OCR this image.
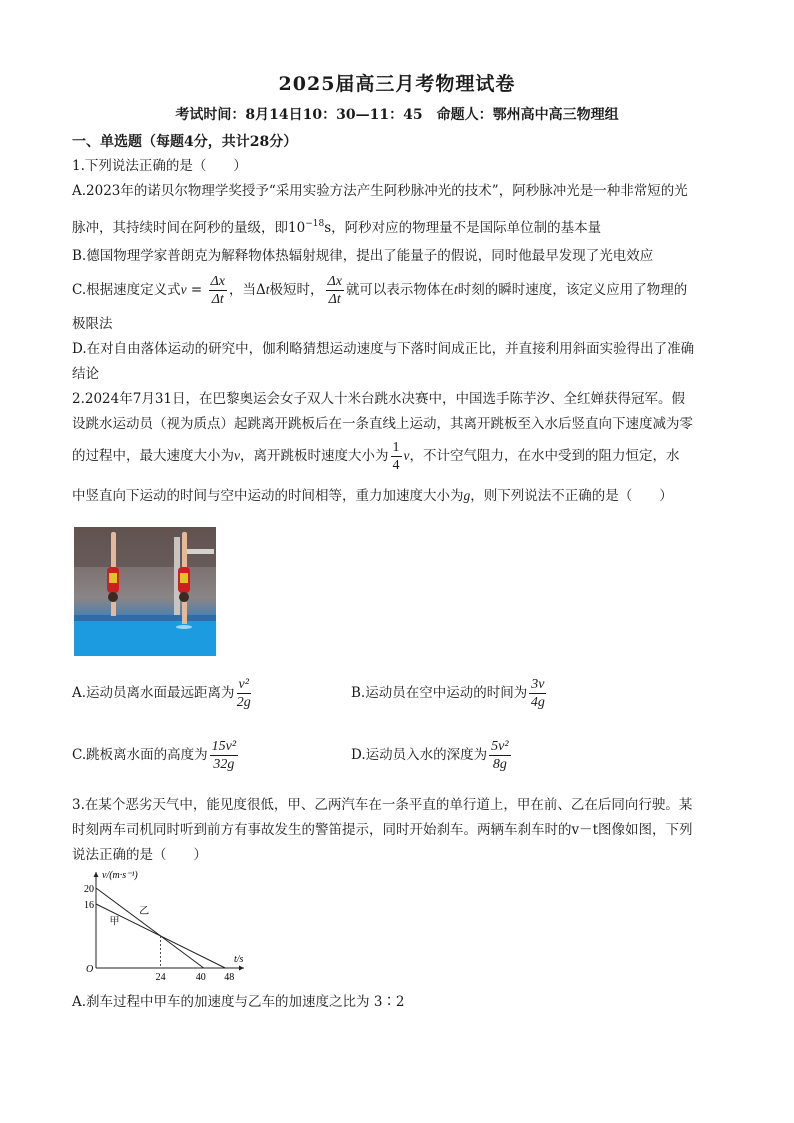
2025届高三月考物理试卷
考试时间：8月14日10：30—11：45　命题人：鄂州高中高三物理组
一、单选题（每题4分，共计28分）
1.下列说法正确的是（　　）
A.2023年的诺贝尔物理学奖授予“采用实验方法产生阿秒脉冲光的技术”，阿秒脉冲光是一种非常短的光
脉冲，其持续时间在阿秒的量级，即$10^{-18}s$，阿秒对应的物理量不是国际单位制的基本量
B.德国物理学家普朗克为解释物体热辐射规律，提出了能量子的假说，同时他最早发现了光电效应
C.根据速度定义式$v = \frac{\Delta x}{\Delta t}$ ，当Δt极短时， $\frac{\Delta x}{\Delta t}$ 就可以表示物体在t时刻的瞬时速度，该定义应用了物理的
极限法
D.在对自由落体运动的研究中，伽利略猜想运动速度与下落时间成正比，并直接利用斜面实验得出了准确
结论
2.2024年7月31日，在巴黎奥运会女子双人十米台跳水决赛中，中国选手陈芋汐、全红婵获得冠军。假
设跳水运动员（视为质点）起跳离开跳板后在一条直线上运动，其离开跳板至入水后竖直向下速度减为零
的过程中，最大速度大小为v，离开跳板时速度大小为 $\frac{1}{4}$ v，不计空气阻力，在水中受到的阻力恒定，水
中竖直向下运动的时间与空中运动的时间相等，重力加速度大小为g，则下列说法不正确的是（　　）
A.运动员离水面最远距离为 $\frac{\text{v²}}{2g}$	B.运动员在空中运动的时间为 $\frac{3v}{4g}$
C.跳板离水面的高度为 $\frac{\text{15v²}}{32g}$	D.运动员入水的深度为 $\frac{\text{5v²}}{8g}$
3.在某个恶劣天气中，能见度很低，甲、乙两汽车在一条平直的单行道上，甲在前、乙在后同向行驶。某
时刻两车司机同时听到前方有事故发生的警笛提示，同时开始刹车。两辆车刹车时的v－t图像如图，下列
说法正确的是（　　）
乙
甲
20
16
24	40 48
O
t/s
v/(m·s⁻¹)
A.刹车过程中甲车的加速度与乙车的加速度之比为 3∶2
